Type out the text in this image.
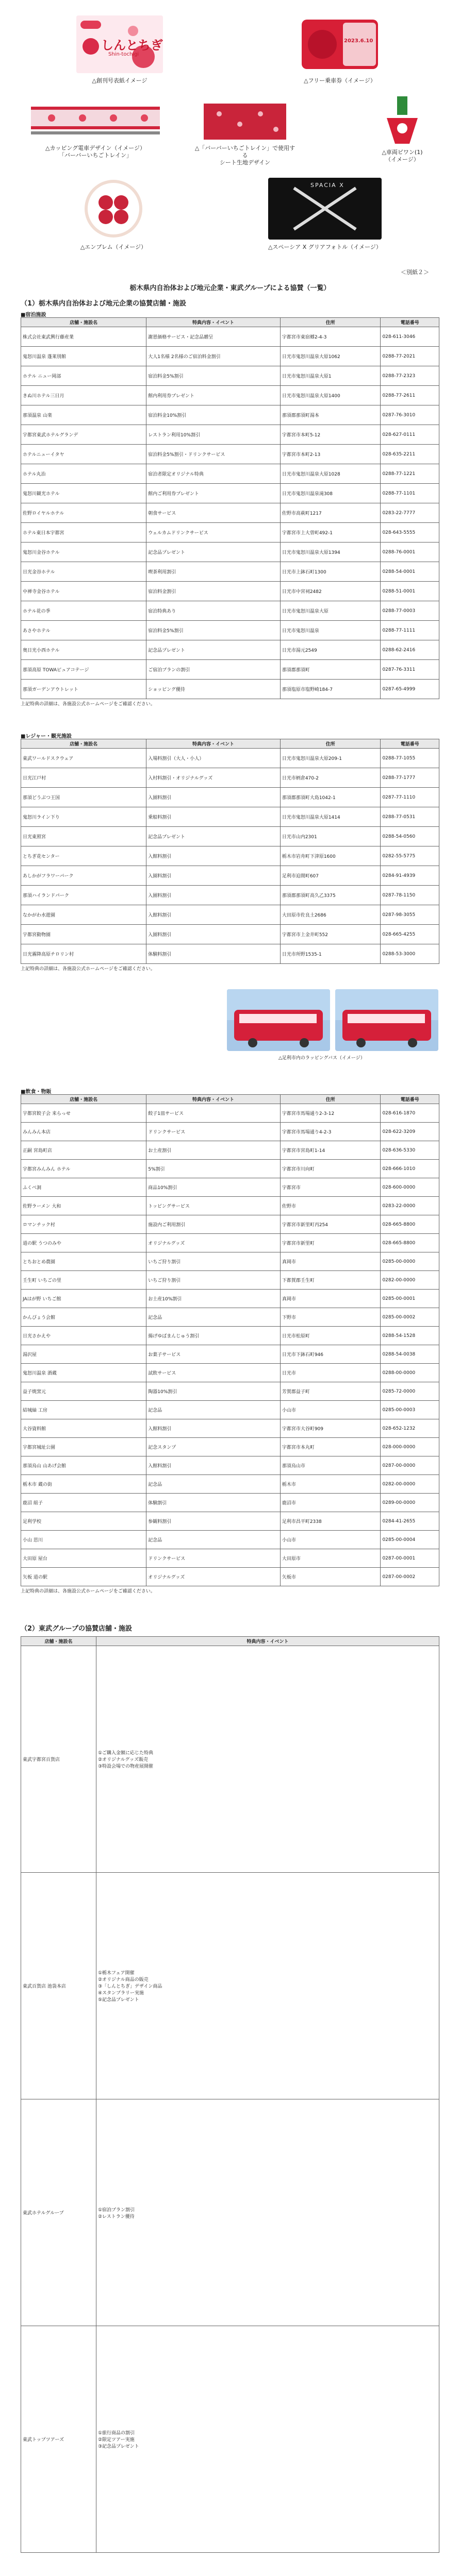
しんとちぎ
Shin-tochigi
△創刊号表紙イメージ
2023.6.10
△フリー乗車券（イメージ）
△カッピング電車デザイン（イメージ）
「バーバーいちごトレイン」
△「バーバーいちごトレイン」で使用する
シート生地デザイン
△車両ピワン(1)
（イメージ）
△エンブレム（イメージ）
SPACIA X
△スペーシア X グリアフォトル（イメージ）
＜別紙２＞
栃木県内自治体および地元企業・東武グループによる協賛（一覧）
（1）栃木県内自治体および地元企業の協賛店舗・施設
■宿泊施設
店舗・施設名	特典内容・イベント	住所	電話番号
株式会社東武興行藤産業	謝恩価格サービス・記念品贈呈	宇都宮市東宿郷2-4-3	028-611-3046
鬼怒川温泉 蓬莱別館	大人1名様 2名様のご宿泊料金割引	日光市鬼怒川温泉大原1062	0288-77-2021
ホテル ニュー岡部	宿泊料金5%割引	日光市鬼怒川温泉大原1	0288-77-2323
きぬ川ホテル三日月	館内利用券プレゼント	日光市鬼怒川温泉大原1400	0288-77-2611
那須温泉 山楽	宿泊料金10%割引	那須郡那須町湯本	0287-76-3010
宇都宮東武ホテルグランデ	レストラン利用10%割引	宇都宮市本町5-12	028-627-0111
ホテルニューイタヤ	宿泊料金5%割引・ドリンクサービス	宇都宮市本町2-13	028-635-2211
ホテル丸治	宿泊者限定オリジナル特典	日光市鬼怒川温泉大原1028	0288-77-1221
鬼怒川観光ホテル	館内ご利用券プレゼント	日光市鬼怒川温泉滝308	0288-77-1101
佐野ロイヤルホテル	朝食サービス	佐野市高萩町1217	0283-22-7777
ホテル東日本宇都宮	ウェルカムドリンクサービス	宇都宮市上大曽町492-1	028-643-5555
鬼怒川金谷ホテル	記念品プレゼント	日光市鬼怒川温泉大原1394	0288-76-0001
日光金谷ホテル	喫茶利用割引	日光市上鉢石町1300	0288-54-0001
中禅寺金谷ホテル	宿泊料金割引	日光市中宮祠2482	0288-51-0001
ホテル花の季	宿泊特典あり	日光市鬼怒川温泉大原	0288-77-0003
あさやホテル	宿泊料金5%割引	日光市鬼怒川温泉	0288-77-1111
奥日光小西ホテル	記念品プレゼント	日光市湯元2549	0288-62-2416
那須高原 TOWAピュアコテージ	ご宿泊プランの割引	那須郡那須町	0287-76-3311
那須ガーデンアウトレット	ショッピング優待	那須塩原市塩野崎184-7	0287-65-4999
上記特典の詳細は、各施設公式ホームページをご確認ください。
■レジャー・観光施設
店舗・施設名	特典内容・イベント	住所	電話番号
東武ワールドスクウェア	入場料割引（大人・小人）	日光市鬼怒川温泉大原209-1	0288-77-1055
日光江戸村	入村料割引・オリジナルグッズ	日光市柄倉470-2	0288-77-1777
那須どうぶつ王国	入園料割引	那須郡那須町大島1042-1	0287-77-1110
鬼怒川ライン下り	乗船料割引	日光市鬼怒川温泉大原1414	0288-77-0531
日光東照宮	記念品プレゼント	日光市山内2301	0288-54-0560
とちぎ花センター	入館料割引	栃木市岩舟町下津原1600	0282-55-5775
あしかがフラワーパーク	入園料割引	足利市迫間町607	0284-91-4939
那須ハイランドパーク	入園料割引	那須郡那須町高久乙3375	0287-78-1150
なかがわ水遊園	入館料割引	大田原市佐良土2686	0287-98-3055
宇都宮動物園	入園料割引	宇都宮市上金井町552	028-665-4255
日光霧降高原チロリン村	体験料割引	日光市所野1535-1	0288-53-3000
上記特典の詳細は、各施設公式ホームページをご確認ください。
△足利市内のラッピングバス（イメージ）
■飲食・物販
店舗・施設名	特典内容・イベント	住所	電話番号
宇都宮餃子会 来らっせ	餃子1皿サービス	宇都宮市馬場通り2-3-12	028-616-1870
みんみん本店	ドリンクサービス	宇都宮市馬場通り4-2-3	028-622-3209
正嗣 宮島町店	お土産割引	宇都宮市宮島町1-14	028-636-5330
宇都宮みんみん ホテル	5%割引	宇都宮市川向町	028-666-1010
ふくべ洞	商品10%割引	宇都宮市	028-600-0000
佐野ラーメン 大和	トッピングサービス	佐野市	0283-22-0000
ロマンチック村	施設内ご利用割引	宇都宮市新里町丙254	028-665-8800
道の駅 うつのみや	オリジナルグッズ	宇都宮市新里町	028-665-8800
とちおとめ農園	いちご狩り割引	真岡市	0285-00-0000
壬生町 いちごの里	いちご狩り割引	下都賀郡壬生町	0282-00-0000
JAはが野 いちご館	お土産10%割引	真岡市	0285-00-0001
かんぴょう会館	記念品	下野市	0285-00-0002
日光さかえや	揚げゆばまんじゅう割引	日光市松原町	0288-54-1528
湯沢屋	お菓子サービス	日光市下鉢石町946	0288-54-0038
鬼怒川温泉 酒蔵	試飲サービス	日光市	0288-00-0000
益子焼窯元	陶器10%割引	芳賀郡益子町	0285-72-0000
結城紬 工房	記念品	小山市	0285-00-0003
大谷資料館	入館料割引	宇都宮市大谷町909	028-652-1232
宇都宮城址公園	記念スタンプ	宇都宮市本丸町	028-000-0000
那須烏山 山あげ会館	入館料割引	那須烏山市	0287-00-0000
栃木市 蔵の街	記念品	栃木市	0282-00-0000
鹿沼 組子	体験割引	鹿沼市	0289-00-0000
足利学校	参観料割引	足利市昌平町2338	0284-41-2655
小山 思川	記念品	小山市	0285-00-0004
大田原 屋台	ドリンクサービス	大田原市	0287-00-0001
矢板 道の駅	オリジナルグッズ	矢板市	0287-00-0002
上記特典の詳細は、各施設公式ホームページをご確認ください。
（2）東武グループの協賛店舗・施設
店舗・施設名	特典内容・イベント
東武宇都宮百貨店	①ご購入金額に応じた特典
②オリジナルグッズ販売
③特設会場での物産展開催
東武百貨店 池袋本店	①栃木フェア開催
②オリジナル商品の販売
③「しんとちぎ」デザイン商品
④スタンプラリー実施
⑤記念品プレゼント
東武ホテルグループ	①宿泊プラン割引
②レストラン優待
東武トップツアーズ	①旅行商品の割引
②限定ツアー実施
③記念品プレゼント
